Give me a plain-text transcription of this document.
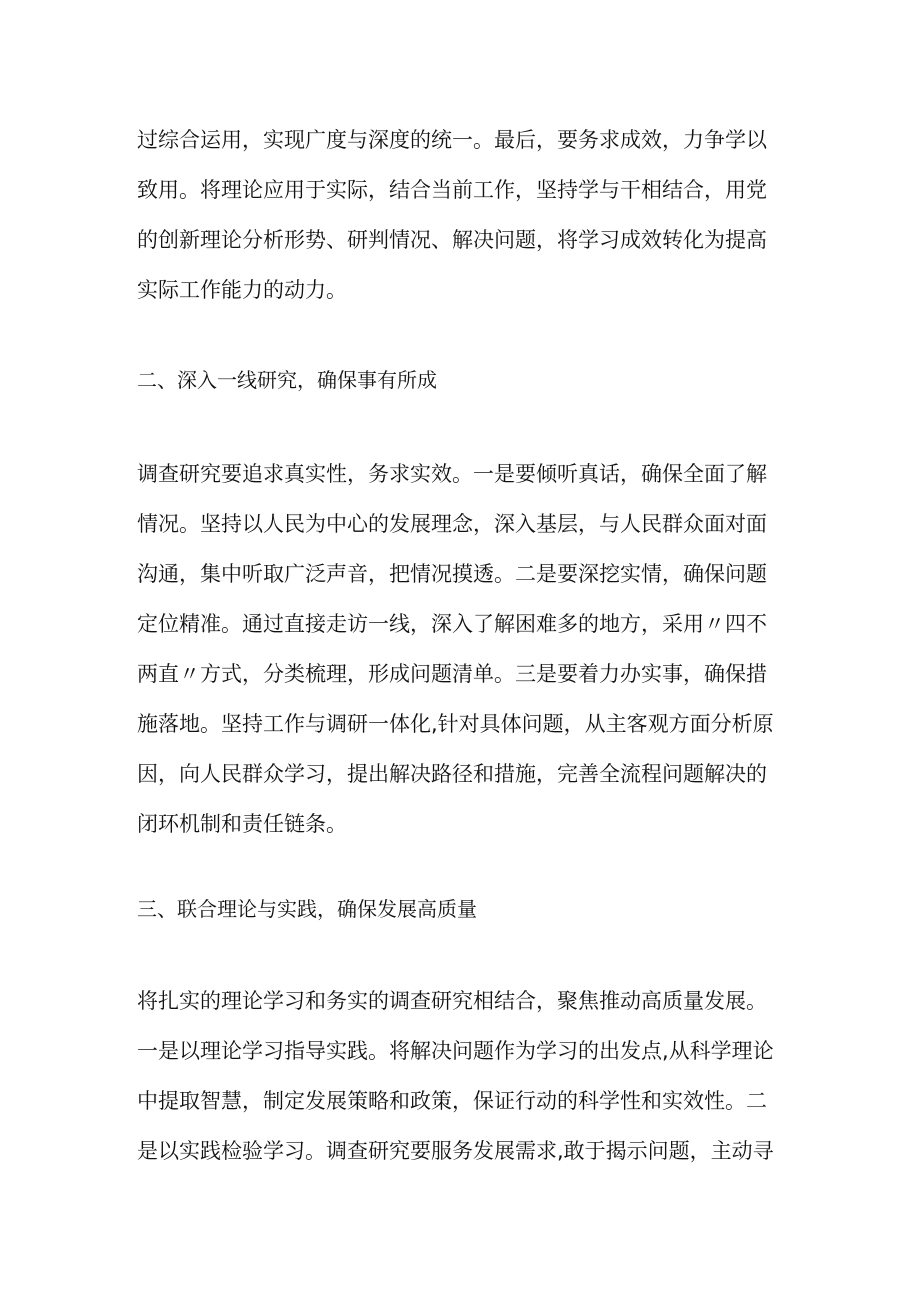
过综合运用，实现广度与深度的统一。最后，要务求成效，力争学以
致用。将理论应用于实际，结合当前工作，坚持学与干相结合，用党
的创新理论分析形势、研判情况、解决问题，将学习成效转化为提高
实际工作能力的动力。
二、深入一线研究，确保事有所成
调查研究要追求真实性，务求实效。一是要倾听真话，确保全面了解
情况。坚持以人民为中心的发展理念，深入基层，与人民群众面对面
沟通，集中听取广泛声音，把情况摸透。二是要深挖实情，确保问题
定位精准。通过直接走访一线，深入了解困难多的地方，采用〃四不
两直〃方式，分类梳理，形成问题清单。三是要着力办实事，确保措
施落地。坚持工作与调研一体化,针对具体问题，从主客观方面分析原
因，向人民群众学习，提出解决路径和措施，完善全流程问题解决的
闭环机制和责任链条。
三、联合理论与实践，确保发展高质量
将扎实的理论学习和务实的调查研究相结合，聚焦推动高质量发展。
一是以理论学习指导实践。将解决问题作为学习的出发点,从科学理论
中提取智慧，制定发展策略和政策，保证行动的科学性和实效性。二
是以实践检验学习。调查研究要服务发展需求,敢于揭示问题，主动寻
